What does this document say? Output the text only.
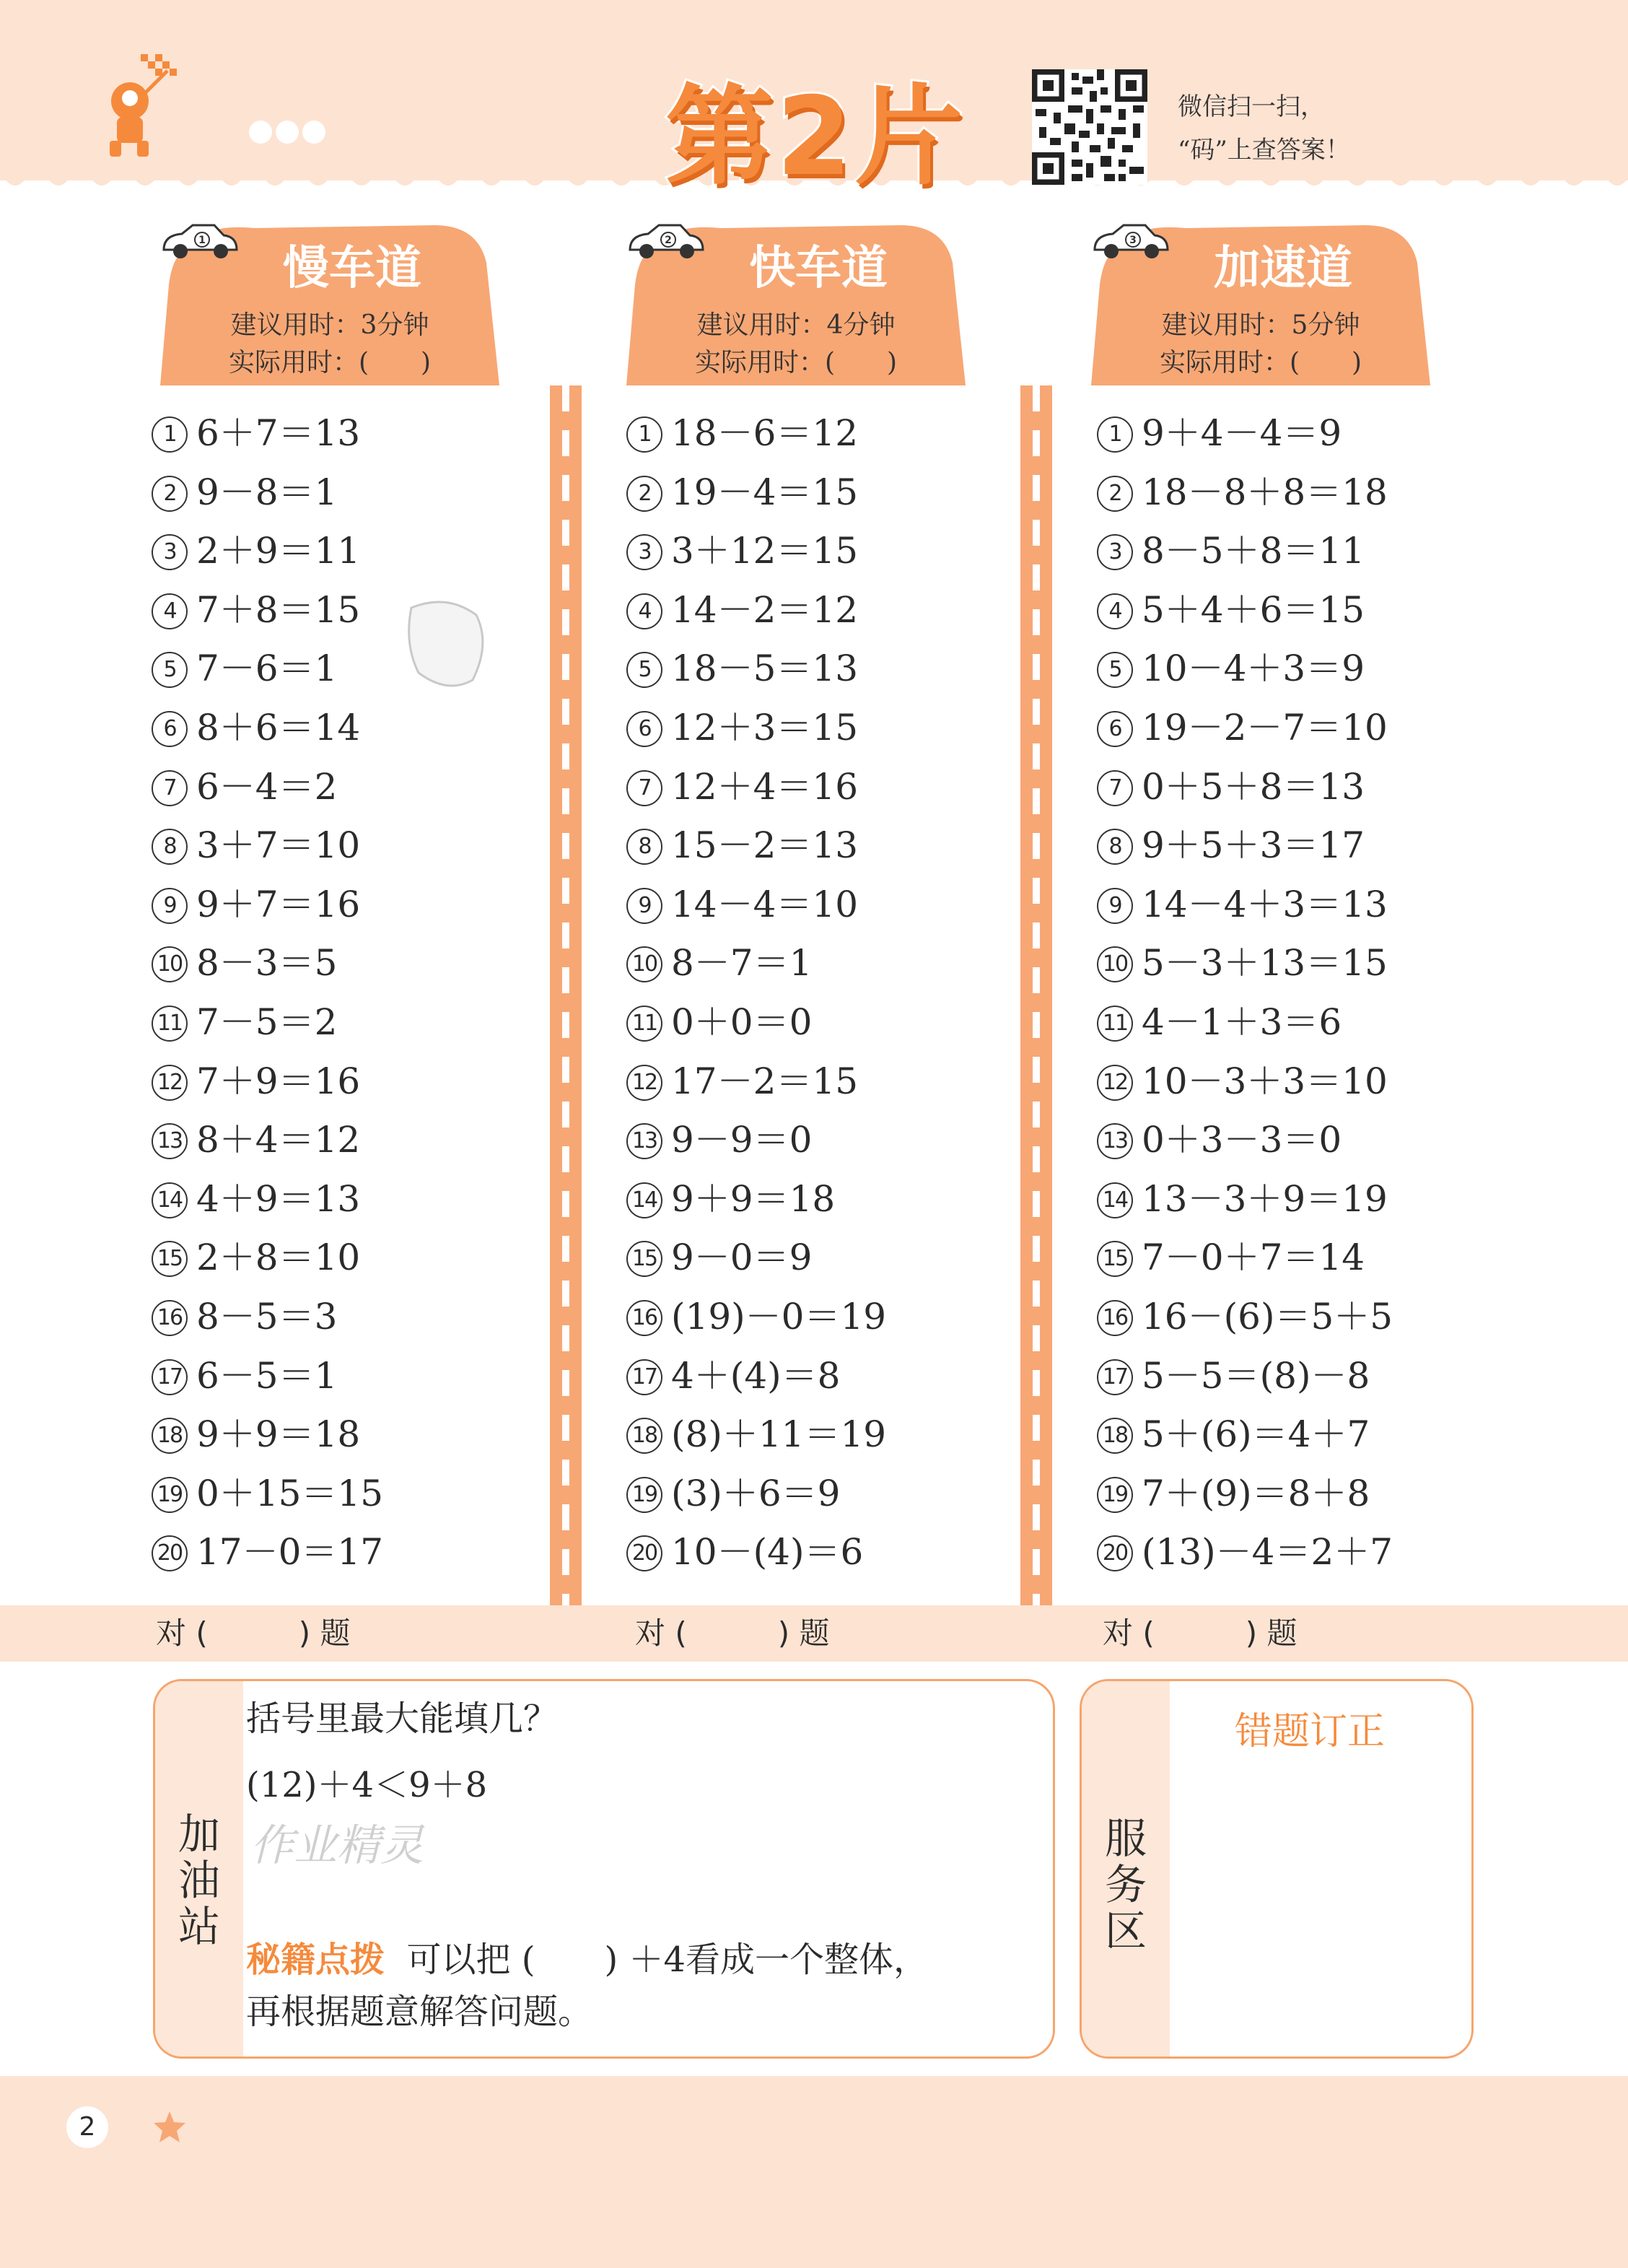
第2片	微信扫一扫，
“码”上查答案！
1
慢车道
建议用时：3分钟
实际用时：(　　)
2
快车道
建议用时：4分钟
实际用时：(　　)
3
加速道
建议用时：5分钟
实际用时：(　　)
1 6＋7＝13
2 9－8＝1
3 2＋9＝11
4 7＋8＝15
5 7－6＝1
6 8＋6＝14
7 6－4＝2
8 3＋7＝10
9 9＋7＝16
10 8－3＝5
11 7－5＝2
12 7＋9＝16
13 8＋4＝12
14 4＋9＝13
15 2＋8＝10
16 8－5＝3
17 6－5＝1
18 9＋9＝18
19 0＋15＝15
20 17－0＝17
1 18－6＝12
2 19－4＝15
3 3＋12＝15
4 14－2＝12
5 18－5＝13
6 12＋3＝15
7 12＋4＝16
8 15－2＝13
9 14－4＝10
10 8－7＝1
11 0＋0＝0
12 17－2＝15
13 9－9＝0
14 9＋9＝18
15 9－0＝9
16 (19)－0＝19
17 4＋(4)＝8
18 (8)＋11＝19
19 (3)＋6＝9
20 10－(4)＝6
1 9＋4－4＝9
2 18－8＋8＝18
3 8－5＋8＝11
4 5＋4＋6＝15
5 10－4＋3＝9
6 19－2－7＝10
7 0＋5＋8＝13
8 9＋5＋3＝17
9 14－4＋3＝13
10 5－3＋13＝15
11 4－1＋3＝6
12 10－3＋3＝10
13 0＋3－3＝0
14 13－3＋9＝19
15 7－0＋7＝14
16 16－(6)＝5＋5
17 5－5＝(8)－8
18 5＋(6)＝4＋7
19 7＋(9)＝8＋8
20 (13)－4＝2＋7
对 (　　　) 题	对 (　　　) 题	对 (　　　) 题
加
油
站
括号里最大能填几？
(12)＋4＜9＋8
作业精灵
秘籍点拨 可以把 (　　) ＋4看成一个整体，
再根据题意解答问题。
服
务
区
错题订正
2
